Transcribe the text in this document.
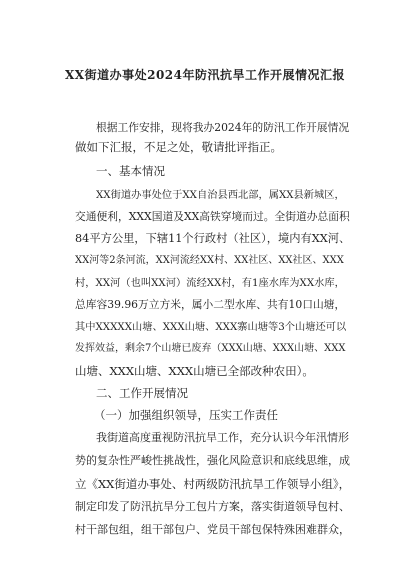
XX街道办事处2024年防汛抗旱工作开展情况汇报
根据工作安排，现将我办2024年的防汛工作开展情况
做如下汇报，不足之处，敬请批评指正。
一、基本情况
XX街道办事处位于XX自治县西北部，属XX县新城区，
交通便利，XXX国道及XX高铁穿境而过。全街道办总面积
84平方公里，下辖11个行政村（社区），境内有XX河、
XX河等2条河流，XX河流经XX村、XX社区、XX社区、XXX
村，XX河（也叫XX河）流经XX村，有1座水库为XX水库，
总库容39.96万立方米，属小二型水库、共有10口山塘，
其中XXXXX山塘、XXX山塘、XXX寨山塘等3个山塘还可以
发挥效益，剩余7个山塘已废弃（XXX山塘、XXX山塘、XXX
山塘、XXX山塘、XXX山塘已全部改种农田）。
二、工作开展情况
（一）加强组织领导，压实工作责任
我街道高度重视防汛抗旱工作，充分认识今年汛情形
势的复杂性严峻性挑战性，强化风险意识和底线思维，成
立《XX街道办事处、村两级防汛抗旱工作领导小组》，
制定印发了防汛抗旱分工包片方案，落实街道领导包村、
村干部包组，组干部包户、党员干部包保特殊困难群众，
